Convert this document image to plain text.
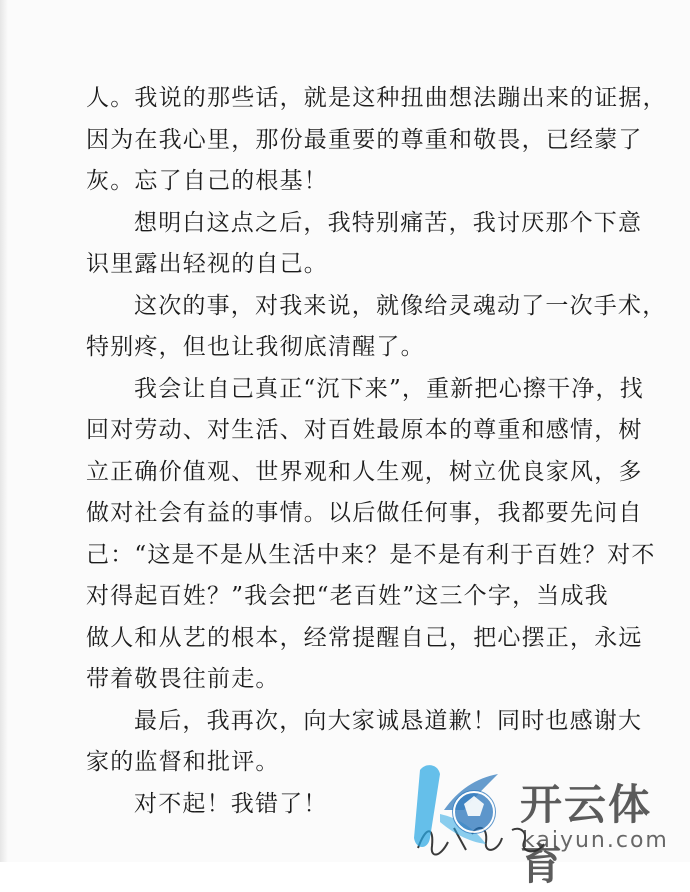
人。我说的那些话，就是这种扭曲想法蹦出来的证据，
因为在我心里，那份最重要的尊重和敬畏，已经蒙了
灰。忘了自己的根基！
想明白这点之后，我特别痛苦，我讨厌那个下意
识里露出轻视的自己。
这次的事，对我来说，就像给灵魂动了一次手术，
特别疼，但也让我彻底清醒了。
我会让自己真正“沉下来”，重新把心擦干净，找
回对劳动、对生活、对百姓最原本的尊重和感情，树
立正确价值观、世界观和人生观，树立优良家风，多
做对社会有益的事情。以后做任何事，我都要先问自
己：“这是不是从生活中来？是不是有利于百姓？对不
对得起百姓？”我会把“老百姓”这三个字，当成我
做人和从艺的根本，经常提醒自己，把心摆正，永远
带着敬畏往前走。
最后，我再次，向大家诚恳道歉！同时也感谢大
家的监督和批评。
对不起！我错了！	开云体育
kaiyun.com
